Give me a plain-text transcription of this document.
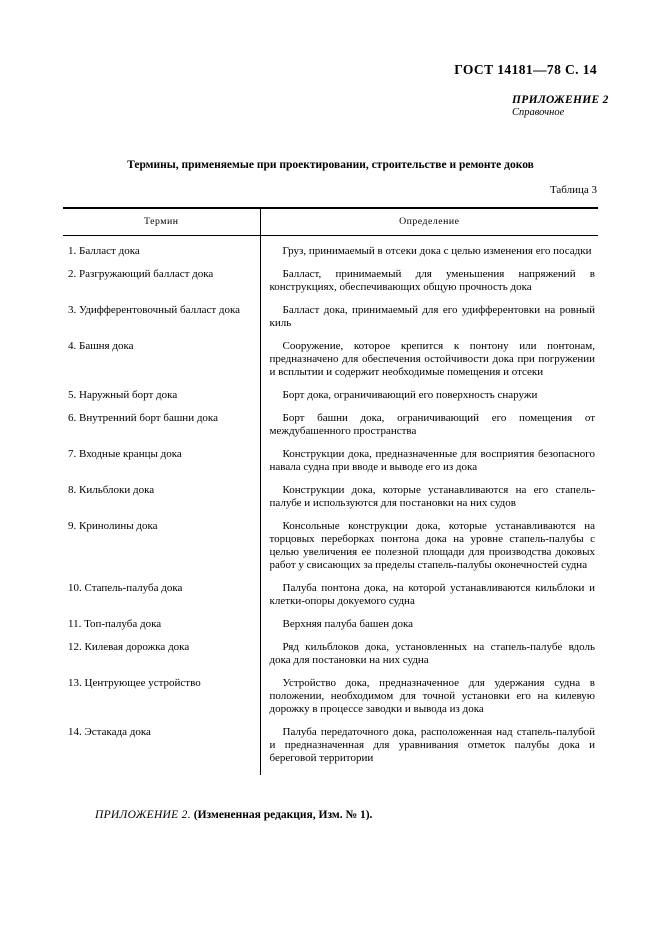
ГОСТ 14181—78 С. 14
ПРИЛОЖЕНИЕ 2
Справочное
Термины, применяемые при проектировании, строительстве и ремонте доков
Таблица 3
Термин	Определение
1. Балласт дока	Груз, принимаемый в отсеки дока с целью изменения его посадки
2. Разгружающий балласт дока	Балласт, принимаемый для уменьшения напряжений в конструкциях, обеспечивающих общую прочность дока
3. Удифферентовочный балласт дока	Балласт дока, принимаемый для его удифферентовки на ровный киль
4. Башня дока	Сооружение, которое крепится к понтону или понтонам, предназначено для обеспечения остойчивости дока при погружении и всплытии и содержит необходимые помещения и отсеки
5. Наружный борт дока	Борт дока, ограничивающий его поверхность снаружи
6. Внутренний борт башни дока	Борт башни дока, ограничивающий его помещения от междубашенного пространства
7. Входные кранцы дока	Конструкции дока, предназначенные для восприятия безопасного навала судна при вводе и выводе его из дока
8. Кильблоки дока	Конструкции дока, которые устанавливаются на его стапель-палубе и используются для постановки на них судов
9. Кринолины дока	Консольные конструкции дока, которые устанавливаются на торцовых переборках понтона дока на уровне стапель-палубы с целью увеличения ее полезной площади для производства доковых работ у свисающих за пределы стапель-палубы оконечностей судна
10. Стапель-палуба дока	Палуба понтона дока, на которой устанавливаются кильблоки и клетки-опоры докуемого судна
11. Топ-палуба дока	Верхняя палуба башен дока
12. Килевая дорожка дока	Ряд кильблоков дока, установленных на стапель-палубе вдоль дока для постановки на них судна
13. Центрующее устройство	Устройство дока, предназначенное для удержания судна в положении, необходимом для точной установки его на килевую дорожку в процессе заводки и вывода из дока
14. Эстакада дока	Палуба передаточного дока, расположенная над стапель-палубой и предназначенная для уравнивания отметок палубы дока и береговой территории
ПРИЛОЖЕНИЕ 2. (Измененная редакция, Изм. № 1).
